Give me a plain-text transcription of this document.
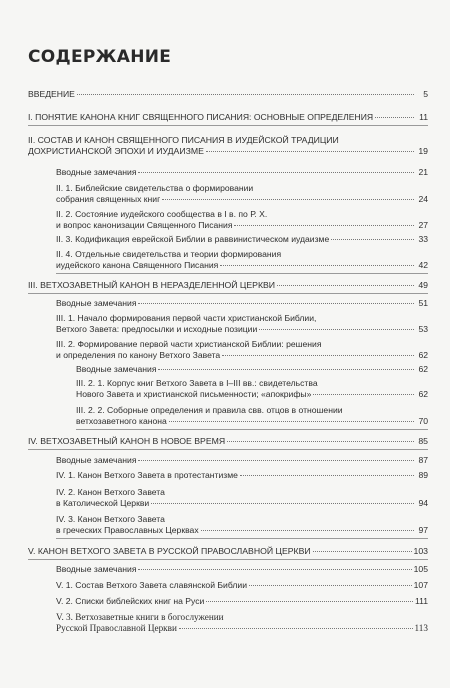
СОДЕРЖАНИЕ
ВВЕДЕНИЕ	5
I. ПОНЯТИЕ КАНОНА КНИГ СВЯЩЕННОГО ПИСАНИЯ: ОСНОВНЫЕ ОПРЕДЕЛЕНИЯ	11
II. СОСТАВ И КАНОН СВЯЩЕННОГО ПИСАНИЯ В ИУДЕЙСКОЙ ТРАДИЦИИ
ДОХРИСТИАНСКОЙ ЭПОХИ И ИУДАИЗМЕ	19
Вводные замечания	21
II. 1. Библейские свидетельства о формировании
собрания священных книг	24
II. 2. Состояние иудейского сообщества в I в. по Р. Х.
и вопрос канонизации Священного Писания	27
II. 3. Кодификация еврейской Библии в раввинистическом иудаизме	33
II. 4. Отдельные свидетельства и теории формирования
иудейского канона Священного Писания	42
III. ВЕТХОЗАВЕТНЫЙ КАНОН В НЕРАЗДЕЛЕННОЙ ЦЕРКВИ	49
Вводные замечания	51
III. 1. Начало формирования первой части христианской Библии,
Ветхого Завета: предпосылки и исходные позиции	53
III. 2. Формирование первой части христианской Библии: решения
и определения по канону Ветхого Завета	62
Вводные замечания	62
III. 2. 1. Корпус книг Ветхого Завета в I–III вв.: свидетельства
Нового Завета и христианской письменности; «апокрифы»	62
III. 2. 2. Соборные определения и правила свв. отцов в отношении
ветхозаветного канона	70
IV. ВЕТХОЗАВЕТНЫЙ КАНОН В НОВОЕ ВРЕМЯ	85
Вводные замечания	87
IV. 1. Канон Ветхого Завета в протестантизме	89
IV. 2. Канон Ветхого Завета
в Католической Церкви	94
IV. 3. Канон Ветхого Завета
в греческих Православных Церквах	97
V. КАНОН ВЕТХОГО ЗАВЕТА В РУССКОЙ ПРАВОСЛАВНОЙ ЦЕРКВИ	103
Вводные замечания	105
V. 1. Состав Ветхого Завета славянской Библии	107
V. 2. Списки библейских книг на Руси	111
V. 3. Ветхозаветные книги в богослужении
Русской Православной Церкви	113
